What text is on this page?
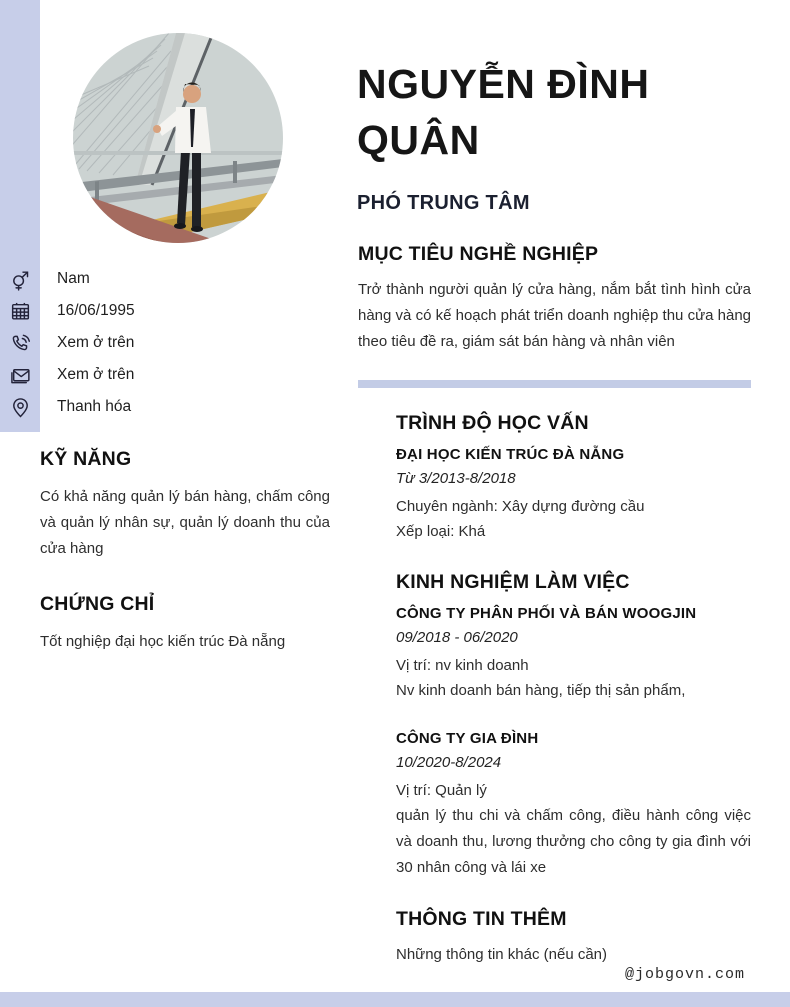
NGUYỄN ĐÌNH QUÂN
PHÓ TRUNG TÂM
Nam
16/06/1995
Xem ở trên
Xem ở trên
Thanh hóa
KỸ NĂNG
Có khả năng quản lý bán hàng, chấm công và quản lý nhân sự, quản lý doanh thu của cửa hàng
CHỨNG CHỈ
Tốt nghiệp đại học kiến trúc Đà nẵng
MỤC TIÊU NGHỀ NGHIỆP
Trở thành người quản lý cửa hàng, nắm bắt tình hình cửa hàng và có kế hoạch phát triển doanh nghiệp thu cửa hàng theo tiêu đề ra, giám sát bán hàng và nhân viên
TRÌNH ĐỘ HỌC VẤN
ĐẠI HỌC KIẾN TRÚC ĐÀ NẴNG
Từ 3/2013-8/2018
Chuyên ngành: Xây dựng đường cầu
Xếp loại: Khá
KINH NGHIỆM LÀM VIỆC
CÔNG TY PHÂN PHỐI VÀ BÁN WOOGJIN
09/2018 - 06/2020
Vị trí: nv kinh doanh
Nv kinh doanh bán hàng, tiếp thị sản phẩm,
CÔNG TY GIA ĐÌNH
10/2020-8/2024
Vị trí: Quản lý
quản lý thu chi và chấm công, điều hành công việc và doanh thu, lương thưởng cho công ty gia đình với 30 nhân công và lái xe
THÔNG TIN THÊM
Những thông tin khác (nếu cần)
@jobgovn.com
